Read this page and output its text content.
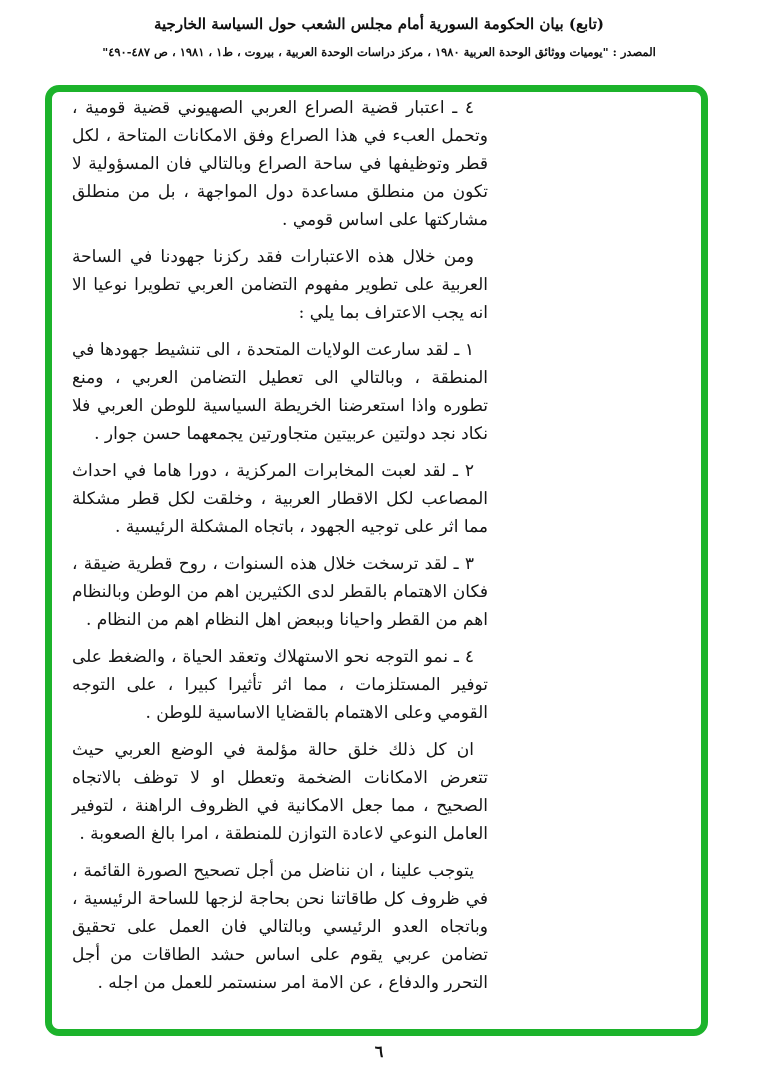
(تابع) بيان الحكومة السورية أمام مجلس الشعب حول السياسة الخارجية
المصدر : "يوميات ووثائق الوحدة العربية ١٩٨٠ ، مركز دراسات الوحدة العربية ، بيروت ، ط١ ، ١٩٨١ ، ص ٤٨٧-٤٩٠"

٤ ـ اعتبار قضية الصراع العربي الصهيوني قضية قومية ، وتحمل العبء في هذا الصراع وفق الامكانات المتاحة ، لكل قطر وتوظيفها في ساحة الصراع وبالتالي فان المسؤولية لا تكون من منطلق مساعدة دول المواجهة ، بل من منطلق مشاركتها على اساس قومي .

ومن خلال هذه الاعتبارات فقد ركزنا جهودنا في الساحة العربية على تطوير مفهوم التضامن العربي تطويرا نوعيا الا انه يجب الاعتراف بما يلي :

١ ـ لقد سارعت الولايات المتحدة ، الى تنشيط جهودها في المنطقة ، وبالتالي الى تعطيل التضامن العربي ، ومنع تطوره واذا استعرضنا الخريطة السياسية للوطن العربي فلا نكاد نجد دولتين عربيتين متجاورتين يجمعهما حسن جوار .

٢ ـ لقد لعبت المخابرات المركزية ، دورا هاما في احداث المصاعب لكل الاقطار العربية ، وخلقت لكل قطر مشكلة مما اثر على توجيه الجهود ، باتجاه المشكلة الرئيسية .

٣ ـ لقد ترسخت خلال هذه السنوات ، روح قطرية ضيقة ، فكان الاهتمام بالقطر لدى الكثيرين اهم من الوطن وبالنظام اهم من القطر واحيانا وببعض اهل النظام اهم من النظام .

٤ ـ نمو التوجه نحو الاستهلاك وتعقد الحياة ، والضغط على توفير المستلزمات ، مما اثر تأثيرا كبيرا ، على التوجه القومي وعلى الاهتمام بالقضايا الاساسية للوطن .

ان كل ذلك خلق حالة مؤلمة في الوضع العربي حيث تتعرض الامكانات الضخمة وتعطل او لا توظف بالاتجاه الصحيح ، مما جعل الامكانية في الظروف الراهنة ، لتوفير العامل النوعي لاعادة التوازن للمنطقة ، امرا بالغ الصعوبة .

يتوجب علينا ، ان نناضل من أجل تصحيح الصورة القائمة ، في ظروف كل طاقاتنا نحن بحاجة لزجها للساحة الرئيسية ، وباتجاه العدو الرئيسي وبالتالي فان العمل على تحقيق تضامن عربي يقوم على اساس حشد الطاقات من أجل التحرر والدفاع ، عن الامة امر سنستمر للعمل من اجله .

٦
